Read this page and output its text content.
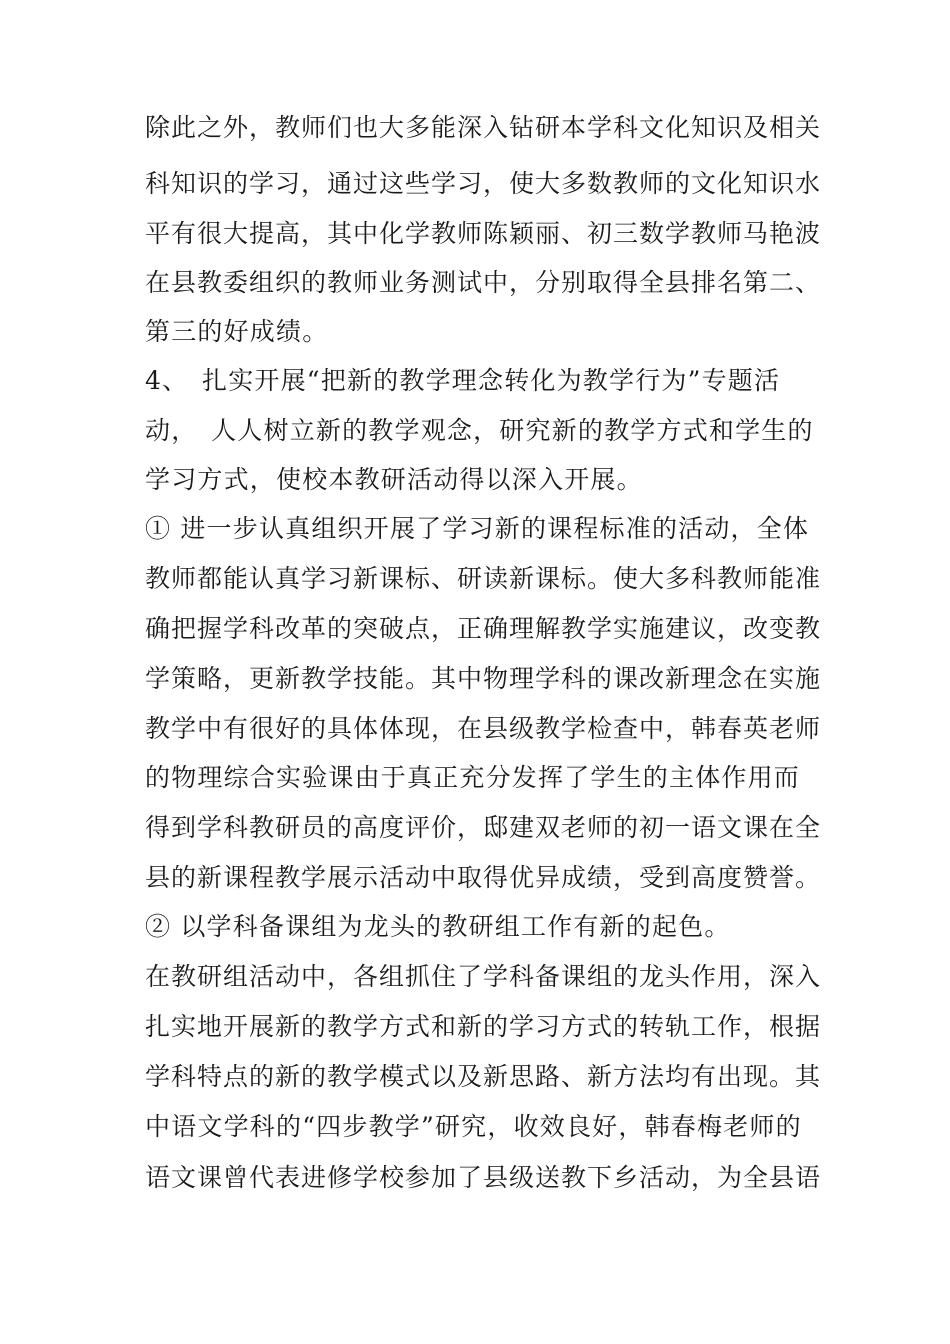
除此之外，教师们也大多能深入钻研本学科文化知识及相关
科知识的学习，通过这些学习，使大多数教师的文化知识水
平有很大提高，其中化学教师陈颖丽、初三数学教师马艳波
在县教委组织的教师业务测试中，分别取得全县排名第二、
第三的好成绩。
4、　扎实开展“把新的教学理念转化为教学行为”专题活
动，　人人树立新的教学观念，研究新的教学方式和学生的
学习方式，使校本教研活动得以深入开展。
① 进一步认真组织开展了学习新的课程标准的活动，全体
教师都能认真学习新课标、研读新课标。使大多科教师能准
确把握学科改革的突破点，正确理解教学实施建议，改变教
学策略，更新教学技能。其中物理学科的课改新理念在实施
教学中有很好的具体体现，在县级教学检查中，韩春英老师
的物理综合实验课由于真正充分发挥了学生的主体作用而
得到学科教研员的高度评价，邸建双老师的初一语文课在全
县的新课程教学展示活动中取得优异成绩，受到高度赞誉。
② 以学科备课组为龙头的教研组工作有新的起色。
在教研组活动中，各组抓住了学科备课组的龙头作用，深入
扎实地开展新的教学方式和新的学习方式的转轨工作，根据
学科特点的新的教学模式以及新思路、新方法均有出现。其
中语文学科的“四步教学”研究，收效良好，韩春梅老师的
语文课曾代表进修学校参加了县级送教下乡活动，为全县语
